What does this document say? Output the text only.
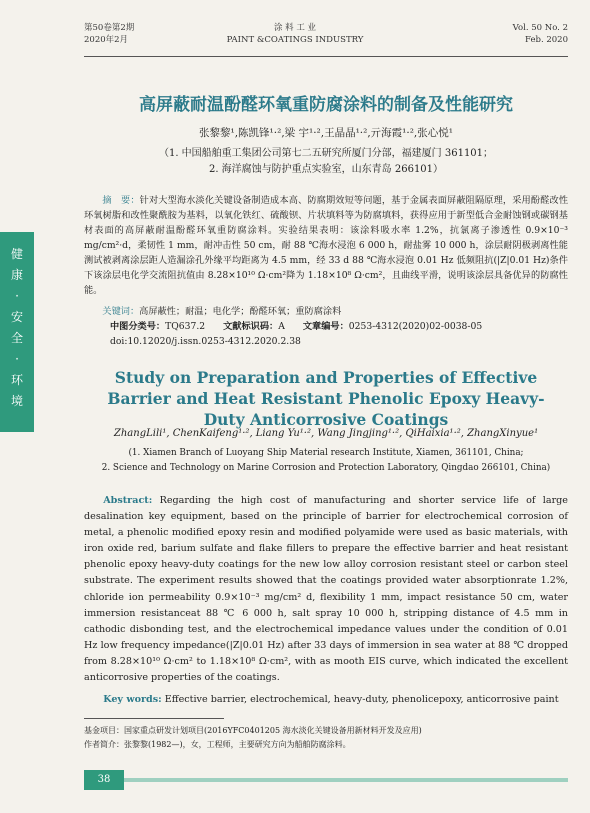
第50卷第2期
2020年2月
涂 料 工 业
PAINT &COATINGS INDUSTRY
Vol. 50 No. 2
Feb. 2020
健
康
·
安
全
·
环
境
高屏蔽耐温酚醛环氧重防腐涂料的制备及性能研究
张黎黎¹,陈凯锋¹·²,梁 宇¹·²,王晶晶¹·²,亓海霞¹·²,张心悦¹
（1. 中国船舶重工集团公司第七二五研究所厦门分部，福建厦门 361101；
2. 海洋腐蚀与防护重点实验室，山东青岛 266101）
摘　要：针对大型海水淡化关键设备制造成本高、防腐期效短等问题，基于金属表面屏蔽阻隔原理，采用酚醛改性环氧树脂和改性聚酰胺为基料，以氧化铁红、硫酸钡、片状填料等为防腐填料，获得应用于新型低合金耐蚀钢或碳钢基材表面的高屏蔽耐温酚醛环氧重防腐涂料。实验结果表明：该涂料吸水率 1.2%，抗氯离子渗透性 0.9×10⁻³ mg/cm²·d，柔韧性 1 mm，耐冲击性 50 cm，耐 88 ℃海水浸泡 6 000 h，耐盐雾 10 000 h，涂层耐阴极剥离性能测试被剥离涂层距人造漏涂孔外缘平均距离为 4.5 mm，经 33 d 88 ℃海水浸泡 0.01 Hz 低频阻抗(|Z|0.01 Hz)条件下该涂层电化学交流阻抗值由 8.28×10¹⁰ Ω·cm²降为 1.18×10⁸ Ω·cm²，且曲线平滑，说明该涂层具备优异的防腐性能。
关键词：高屏蔽性；耐温；电化学；酚醛环氧；重防腐涂料
中图分类号：TQ637.2 文献标识码：A 文章编号：0253-4312(2020)02-0038-05
doi:10.12020/j.issn.0253-4312.2020.2.38
Study on Preparation and Properties of Effective Barrier and Heat Resistant Phenolic Epoxy Heavy-Duty Anticorrosive Coatings
ZhangLili¹, ChenKaifeng¹·², Liang Yu¹·², Wang Jingjing¹·², QiHaixia¹·², ZhangXinyue¹
(1. Xiamen Branch of Luoyang Ship Material research Institute, Xiamen, 361101, China;
2. Science and Technology on Marine Corrosion and Protection Laboratory, Qingdao 266101, China)
Abstract: Regarding the high cost of manufacturing and shorter service life of large desalination key equipment, based on the principle of barrier for electrochemical corrosion of metal, a phenolic modified epoxy resin and modified polyamide were used as basic materials, with iron oxide red, barium sulfate and flake fillers to prepare the effective barrier and heat resistant phenolic epoxy heavy-duty coatings for the new low alloy corrosion resistant steel or carbon steel substrate. The experiment results showed that the coatings provided water absorptionrate 1.2%, chloride ion permeability 0.9×10⁻³ mg/cm² d, flexibility 1 mm, impact resistance 50 cm, water immersion resistanceat 88 ℃ 6 000 h, salt spray 10 000 h, stripping distance of 4.5 mm in cathodic disbonding test, and the electrochemical impedance values under the condition of 0.01 Hz low frequency impedance(|Z|0.01 Hz) after 33 days of immersion in sea water at 88 ℃ dropped from 8.28×10¹⁰ Ω·cm² to 1.18×10⁸ Ω·cm², with as mooth EIS curve, which indicated the excellent anticorrosive properties of the coatings.
Key words: Effective barrier, electrochemical, heavy-duty, phenolicepoxy, anticorrosive paint
基金项目：国家重点研发计划项目(2016YFC0401205 海水淡化关键设备用新材料开发及应用)
作者简介：张黎黎(1982—)，女，工程师，主要研究方向为船舶防腐涂料。
38
